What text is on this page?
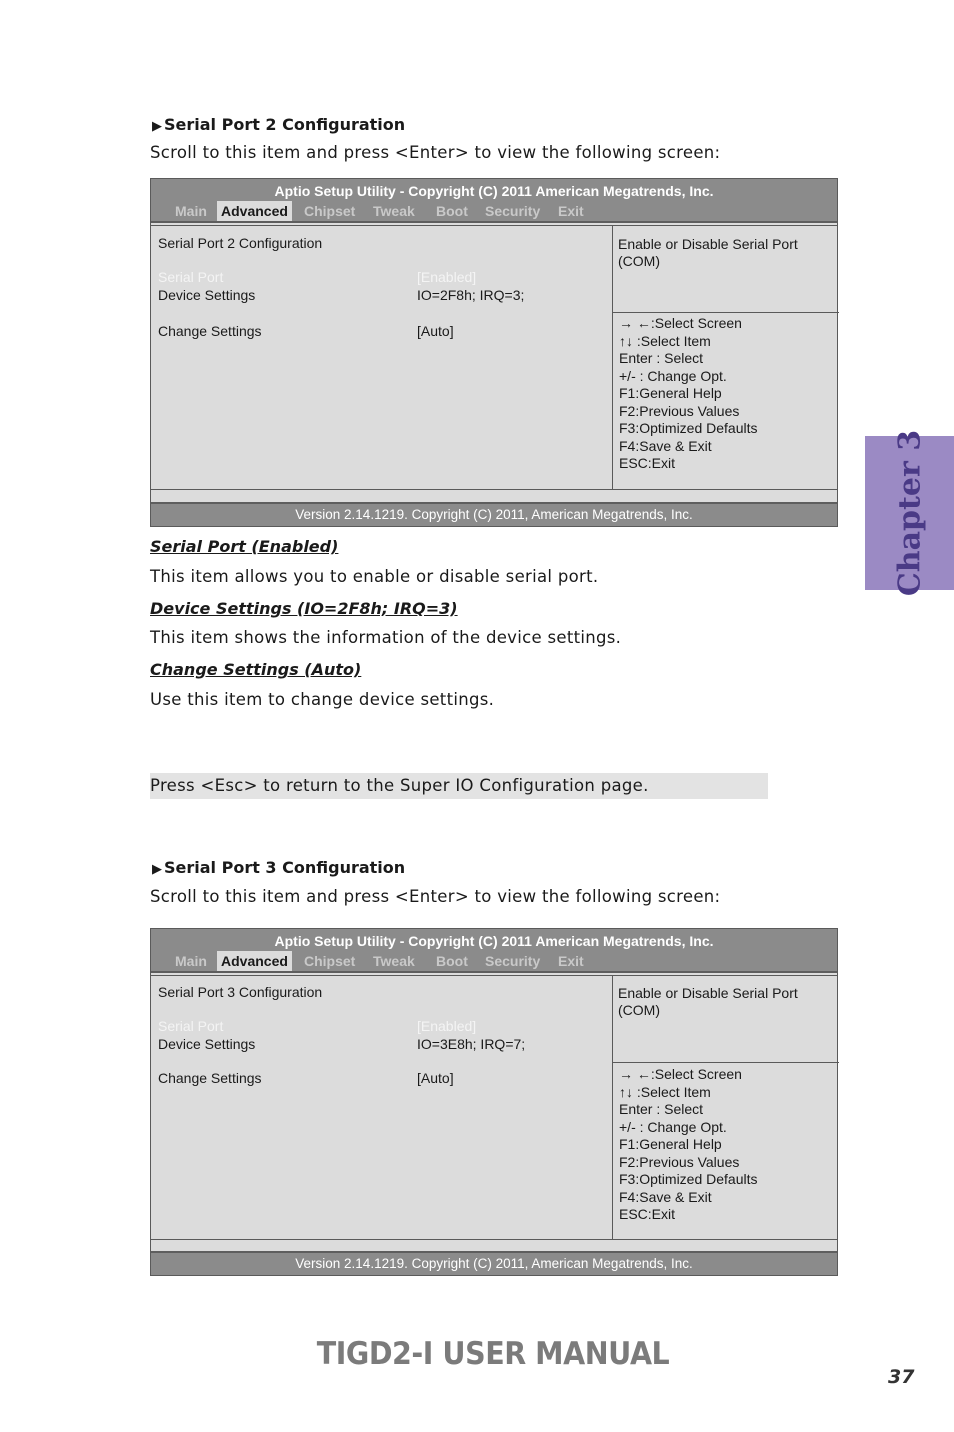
▶ Serial Port 2 Configuration
Scroll to this item and press <Enter> to view the following screen:
Aptio Setup Utility - Copyright (C) 2011 American Megatrends, Inc.
Main Advanced Chipset Tweak Boot Security Exit
Serial Port 2 Configuration
Serial Port	[Enabled]
Device Settings	IO=2F8h; IRQ=3;
Change Settings	[Auto]
Enable or Disable Serial Port (COM)
→ ←:Select Screen
↑↓ :Select Item
Enter : Select
+/- : Change Opt.
F1:General Help
F2:Previous Values
F3:Optimized Defaults
F4:Save & Exit
ESC:Exit
Version 2.14.1219. Copyright (C) 2011, American Megatrends, Inc.
Serial Port (Enabled)
This item allows you to enable or disable serial port.
Device Settings (IO=2F8h; IRQ=3)
This item shows the information of the device settings.
Change Settings (Auto)
Use this item to change device settings.
Press <Esc> to return to the Super IO Configuration page.
▶ Serial Port 3 Configuration
Scroll to this item and press <Enter> to view the following screen:
Aptio Setup Utility - Copyright (C) 2011 American Megatrends, Inc.
Main Advanced Chipset Tweak Boot Security Exit
Serial Port 3 Configuration
Serial Port	[Enabled]
Device Settings	IO=3E8h; IRQ=7;
Change Settings	[Auto]
Enable or Disable Serial Port (COM)
→ ←:Select Screen
↑↓ :Select Item
Enter : Select
+/- : Change Opt.
F1:General Help
F2:Previous Values
F3:Optimized Defaults
F4:Save & Exit
ESC:Exit
Version 2.14.1219. Copyright (C) 2011, American Megatrends, Inc.
Chapter 3
TIGD2-I USER MANUAL
37
